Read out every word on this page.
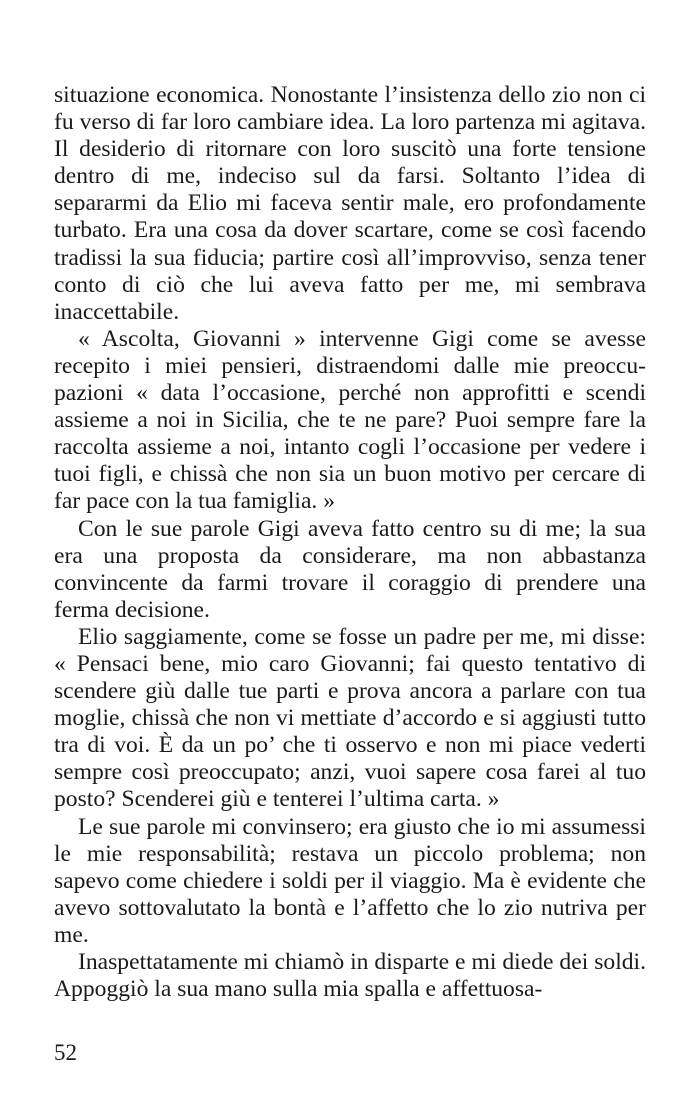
situazione economica. Nonostante l’insistenza dello zio non ci fu verso di far loro cambiare idea. La loro partenza mi agitava. Il desiderio di ritornare con loro suscitò una forte tensione dentro di me, indeciso sul da farsi. Soltanto l’idea di separarmi da Elio mi faceva sentir male, ero profondamente turbato. Era una cosa da dover scartare, come se così facendo tradissi la sua fiducia; partire così all’improvviso, senza tener conto di ciò che lui aveva fatto per me, mi sembrava inaccettabile.

« Ascolta, Giovanni » intervenne Gigi come se avesse recepito i miei pensieri, distraendomi dalle mie preoccupazioni « data l’occasione, perché non approfitti e scendi assieme a noi in Sicilia, che te ne pare? Puoi sempre fare la raccolta assieme a noi, intanto cogli l’occasione per vedere i tuoi figli, e chissà che non sia un buon motivo per cercare di far pace con la tua famiglia. »

Con le sue parole Gigi aveva fatto centro su di me; la sua era una proposta da considerare, ma non abbastanza convincente da farmi trovare il coraggio di prendere una ferma decisione.

Elio saggiamente, come se fosse un padre per me, mi disse: « Pensaci bene, mio caro Giovanni; fai questo tentativo di scendere giù dalle tue parti e prova ancora a parlare con tua moglie, chissà che non vi mettiate d’accordo e si aggiusti tutto tra di voi. È da un po’ che ti osservo e non mi piace vederti sempre così preoccupato; anzi, vuoi sapere cosa farei al tuo posto? Scenderei giù e tenterei l’ultima carta. »

Le sue parole mi convinsero; era giusto che io mi assumessi le mie responsabilità; restava un piccolo problema; non sapevo come chiedere i soldi per il viaggio. Ma è evidente che avevo sottovalutato la bontà e l’affetto che lo zio nutriva per me.

Inaspettatamente mi chiamò in disparte e mi diede dei soldi. Appoggiò la sua mano sulla mia spalla e affettuosa-

52
